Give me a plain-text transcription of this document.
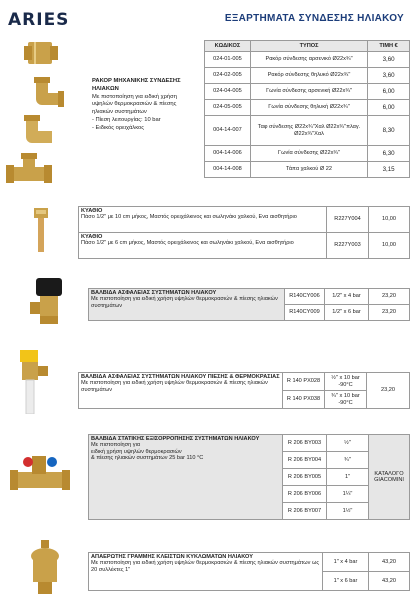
ARIES	ΕΞΑΡΤΗΜΑΤΑ ΣΥΝΔΕΣΗΣ ΗΛΙΑΚΟΥ
ΡΑΚΟΡ ΜΗΧΑΝΙΚΗΣ ΣΥΝΔΕΣΗΣ ΗΛΙΑΚΩΝ
Με πιστοποίηση για ειδική χρήση
υψηλών θερμοκρασιών & πίεσης
ηλιακών συστημάτων
- Πίεση λειτουργίας: 10 bar
- Ειδικός ορειχάλκος
ΚΩΔΙΚΟΣ	ΤΥΠΟΣ	ΤΙΜΗ €
024-01-005	Ρακόρ σύνδεσης αρσενικό Ø22x¾"	3,60
024-02-005	Ρακόρ σύνδεσης θηλυκό Ø22x¾"	3,60
024-04-005	Γωνία σύνδεσης αρσενική Ø22x¾"	6,00
024-05-005	Γωνία σύνδεσης θηλυκή Ø22x¾"	6,00
004-14-007	Ταφ σύνδεσης Ø22x¾"Χαλ Ø22x¾"πλαγ. Ø22x¾"Χαλ	8,30
004-14-006	Γωνία σύνδεσης Ø22x¾"	6,30
004-14-008	Τάπα χαλκού Ø 22	3,15
ΚΥΑΘΙΟ
Πάσο 1/2" με 10 cm μήκος, Μαστός ορειχάλκινος και σωληνάκι χαλκού, Ενα αισθητήριο	R227Y004	10,00

ΚΥΑΘΙΟ
Πάσο 1/2" με 6 cm μήκος, Μαστός ορειχάλκινος και σωληνάκι χαλκού, Ενα αισθητήριο	R227Y003	10,00
ΒΑΛΒΙΔΑ ΑΣΦΑΛΕΙΑΣ ΣΥΣΤΗΜΑΤΩΝ ΗΛΙΑΚΟΥ
Με πιστοποίηση για ειδική χρήση υψηλών θερμοκρασιών & πίεσης ηλιακών συστημάτων	R140CY006	1/2" x 4 bar	23,20
	R140CY009	1/2" x 6 bar	23,20
ΒΑΛΒΙΔΑ ΑΣΦΑΛΕΙΑΣ ΣΥΣΤΗΜΑΤΩΝ ΗΛΙΑΚΟΥ ΠΙΕΣΗΣ & ΘΕΡΜΟΚΡΑΣΙΑΣ
Με πιστοποίηση για ειδική χρήση υψηλών θερμοκρασιών & πίεσης ηλιακών συστημάτων	R 140 PX028	½" x 10 bar -90°C	23,20
	R 140 PX038	¾" x 10 bar -90°C	
ΒΑΛΒΙΔΑ ΣΤΑΤΙΚΗΣ ΕΞΙΣΟΡΡΟΠΗΣΗΣ ΣΥΣΤΗΜΑΤΩΝ ΗΛΙΑΚΟΥ
Με πιστοποίηση για
ειδική χρήση υψηλών θερμοκρασιών
& πίεσης ηλιακών συστημάτων 25 bar 110 °C	R 206 BY003	½"	ΚΑΤΑΛΟΓΟ GIACOMINI
	R 206 BY004	¾"	
	R 206 BY005	1"	
	R 206 BY006	1¼"	
	R 206 BY007	1½"	
ΑΠΑΕΡΩΤΗΣ ΓΡΑΜΜΗΣ ΚΛΕΙΣΤΩΝ ΚΥΚΛΩΜΑΤΩΝ ΗΛΙΑΚΟΥ
Με πιστοποίηση για ειδική χρήση υψηλών θερμοκρασιών & πίεσης ηλιακών συστημάτων ως 20 συλλέκτες 1"	1" x 4 bar	43,20
	1" x 6 bar	43,20
